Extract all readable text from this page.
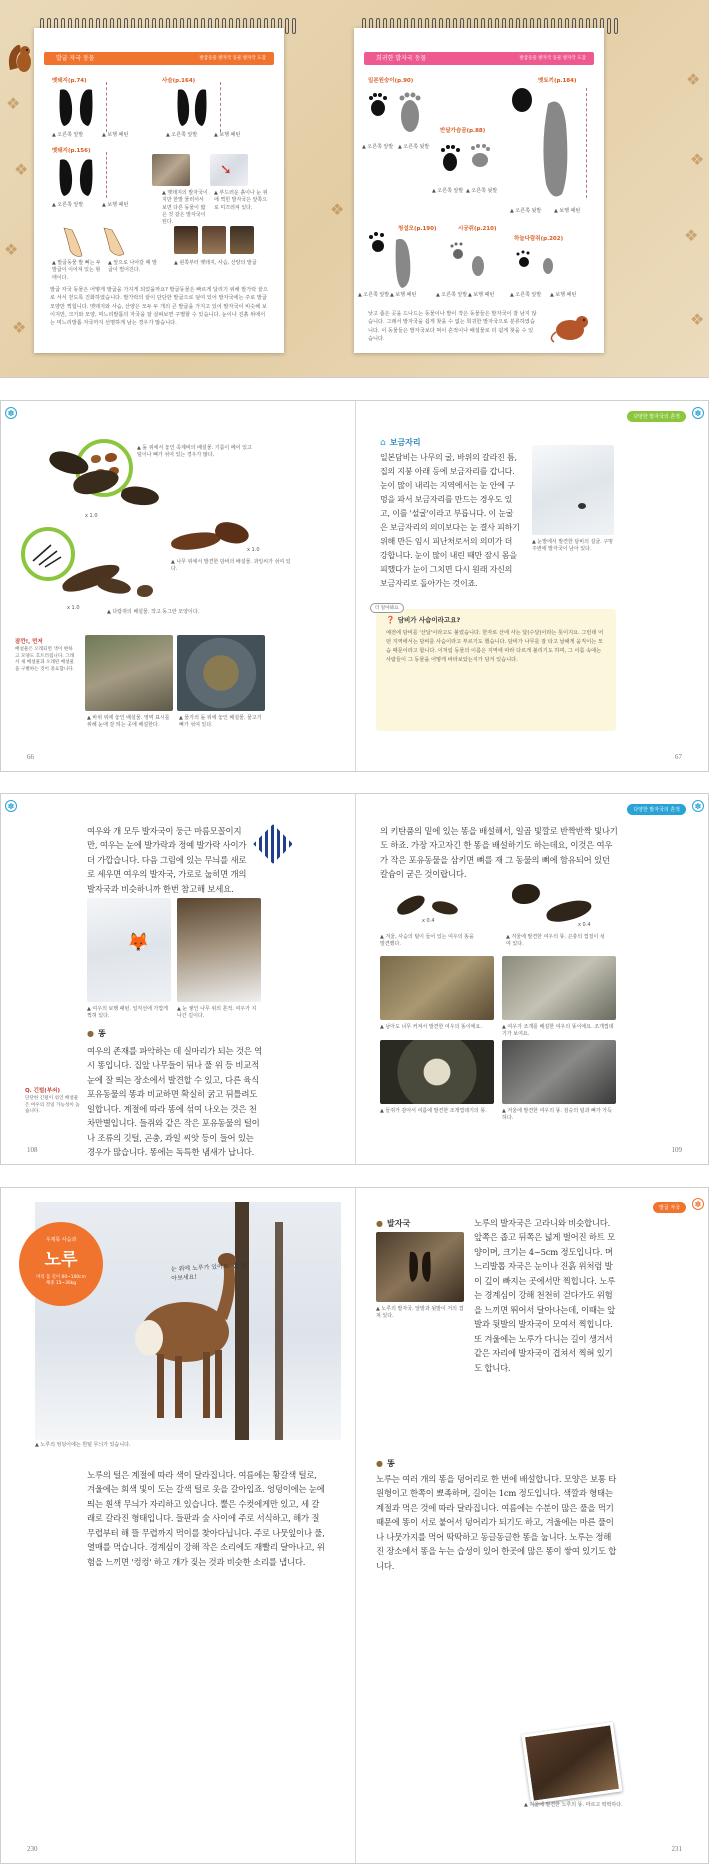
❖
❖
❖
❖
❖
❖
❖
❖
❖
발굽 자국 동물	발굽동물 발자국 동물 발자국 도감
멧돼지(p.74)
▲ 오른쪽 앞발	▲ 보행 패턴
사슴(p.164)
▲ 오른쪽 앞발	▲ 보행 패턴
멧돼지(p.156)
▲ 오른쪽 앞발	▲ 보행 패턴
➘

▲ 멧돼지의 발자국이지만 한발 물러서서 보면 다른 동물이 밟은 것 같은 발자국이 된다.

▲ 부드러운 흙이나 눈 위에 찍힌 발자국은 앞쪽으로 미끄러져 있다.

▲ 발굽동물 발 뼈는 두 발굽이 이어져 있는 형태이다.

▲ 앞으로 나아갈 때 발굽이 벌어진다.

▲ 왼쪽부터 멧돼지, 사슴, 산양의 발굽

발굽 자국 동물은 어떻게 발굽을 가지게 되었을까요? 발굽동물은 빠르게 달리기 위해 발가락 끝으로 서서 걷도록 진화하였습니다. 발가락의 끝이 단단한 발굽으로 덮여 있어 발자국에는 주로 발굽 모양만 찍힙니다. 멧돼지와 사슴, 산양은 모두 두 개의 큰 발굽을 가지고 있어 발자국이 비슷해 보이지만, 크기와 모양, 며느리발톱의 자국을 잘 살펴보면 구별할 수 있습니다. 눈이나 진흙 위에서는 며느리발톱 자국까지 선명하게 남는 경우가 많습니다.

희귀한 발자국 동물	발굽동물 발자국 동물 발자국 도감
일본원숭이(p.90)
▲ 오른쪽 앞발 ▲ 오른쪽 뒷발
반달가슴곰(p.88)
▲ 오른쪽 앞발 ▲ 오른쪽 뒷발
멧토끼(p.184)
▲ 오른쪽 뒷발	▲ 보행 패턴
청설모(p.190)
▲ 오른쪽 앞발 ▲ 보행 패턴
시궁쥐(p.210)
▲ 오른쪽 앞발 ▲ 보행 패턴
하늘다람쥐(p.202)
▲ 오른쪽 앞발 ▲ 보행 패턴

낮고 좁은 곳을 드나드는 동물이나 발이 작은 동물들은 발자국이 잘 남지 않습니다. 그래서 발자국을 쉽게 찾을 수 없는 희귀한 발자국으로 분류하였습니다. 이 동물들은 발자국보다 먹이 흔적이나 배설물로 더 쉽게 찾을 수 있습니다.

✽
x 1.0

▲ 돌 위에서 놓인 족제비의 배설물. 기름이 베어 있고 털이나 뼈가 섞여 있는 경우가 많다.

x 1.0

▲ 나무 위에서 발견한 담비의 배설물. 과일씨가 섞여 있다.

x 1.0

▲ 다람쥐의 배설물. 작고 동그란 모양이다.

잠깐!, 먼저

배설물은 오래되면 색이 변하고 모양도 흐트러집니다. 그래서 새 배설물과 오래된 배설물을 구별하는 것이 중요합니다.

▲ 바위 위에 놓인 배설물. 영역 표시를 위해 눈에 잘 띄는 곳에 배설한다.

▲ 물가의 돌 위에 놓인 배설물. 물고기 뼈가 섞여 있다.

66
다양한 발자국의 흔적	✽
⌂ 보금자리

일본담비는 나무의 굴, 바위의 갈라진 틈, 집의 지붕 아래 등에 보금자리를 갑니다. 눈이 많이 내리는 지역에서는 눈 안에 구멍을 파서 보금자리를 만드는 경우도 있고, 이를 '설굴'이라고 부릅니다. 이 눈굴은 보금자리의 의미보다는 눈 결사 피하기 위해 만든 임시 피난처로서의 의미가 더 강합니다. 눈이 많이 내린 때만 잠시 몸을 피했다가 눈이 그치면 다시 원래 자신의 보금자리로 돌아가는 것이죠.

▲ 눈밭에서 발견한 담비의 설굴. 구멍 주변에 발자국이 남아 있다.

더 알아봐요
❓ 담비가 사슴이라고요?

예전에 담비를 '산달'이라고도 불렀습니다. 한자로 산에 사는 달(수달)이라는 뜻이지요. 그런데 어떤 지역에서는 담비를 사슴이라고 부르기도 했습니다. 담비가 나무를 잘 타고 날쌔게 움직이는 모습 때문이라고 합니다. 이처럼 동물의 이름은 지역에 따라 다르게 불리기도 하며, 그 이름 속에는 사람들이 그 동물을 어떻게 바라보았는지가 담겨 있습니다.

67
✽

여우와 개 모두 발자국이 둥근 마름모꼴이지만, 여우는 눈에 발가락과 정예 발가락 사이가 더 가깝습니다. 다음 그림에 있는 무늬를 새로로 세우면 여우의 발자국, 가로로 눕히면 개의 발자국과 비슷하니까 한번 참고해 보세요.

🦊

▲ 여우의 보행 패턴. 일직선에 가깝게 찍혀 있다.

▲ 눈 쌓인 나무 위의 흔적. 여우가 지나간 길이다.

● 똥

여우의 존재를 파악하는 데 실마리가 되는 것은 역시 똥입니다. 집앞 나무들이 뒤나 풀 위 등 비교적 눈에 잘 띄는 장소에서 발견할 수 있고, 다른 육식 포유동물의 똥과 비교하면 확실히 굵고 뒤틀려도 일합니다. 계절에 따라 똥에 섞여 나오는 것은 천차만별입니다. 들쥐와 같은 작은 포유동물의 털이나 조류의 깃털, 곤충, 과일 씨앗 등이 들어 있는 경우가 많습니다. 똥에는 독특한 냄새가 납니다.

Q. 긴털(부쇠)

단단한 긴털이 섞인 배설물은 여우의 것일 가능성이 높습니다.

108
다양한 발자국의 흔적	✽

의 키탄품의 밑에 있는 똥을 배설해서, 일곱 빛깔로 반짝반짝 빛나기도 하죠. 가장 자고자긴 한 똥을 배설하기도 하는데요, 이것은 여우가 작은 포유동물을 삼키면 뼈를 재 그 동물의 뼈에 함유되어 있던 칼슘이 굳은 것이랍니다.

x 0.4
x 0.4

▲ 겨울, 사슴의 털이 들어 있는 여우의 똥을 발견했다.

▲ 겨울에 발견한 여우의 똥. 곤충의 껍질이 섞여 있다.

▲ 남아도 너무 커져서 발견한 여우의 똥이에요.	▲ 여우가 조개를 배설한 여우의 똥이에요. 조개껍데기가 보여요.

▲ 들쥐가 감아서 여름에 발견한 조개껍데기의 똥.	▲ 겨울에 발견한 여우의 똥. 짐승의 털과 뼈가 가득하다.

109

우제목 사슴과

노루

머리 몸 길이 80~100cm

체중 15~30kg

눈 위에 노루가 있어요. 잘 찾아보세요!

▲ 노루의 엉덩이에는 흰털 무늬가 있습니다.

노루의 털은 계절에 따라 색이 달라집니다. 여름에는 황갈색 털로, 겨울에는 회색 빛이 도는 갈색 털로 옷을 갈아입죠. 엉덩이에는 눈에 띄는 흰색 무늬가 자리하고 있습니다. 뿔은 수컷에게만 있고, 세 갈래로 갈라진 형태입니다. 들판과 숲 사이에 주로 서식하고, 해가 질 무렵부터 해 뜰 무렵까지 먹이를 찾아다닙니다. 주로 나뭇잎이나 풀, 열매를 먹습니다. 경계심이 강해 작은 소리에도 재빨리 달아나고, 위험을 느끼면 '컹컹' 하고 개가 짖는 것과 비슷한 소리를 냅니다.

230
발굽 자국	✽
● 발자국

▲ 노루의 발자국. 앞발과 뒷발이 거의 겹쳐 있다.

노루의 발자국은 고라니와 비슷합니다. 앞쪽은 좁고 뒤쪽은 넓게 벌어진 하트 모양이며, 크기는 4~5cm 정도입니다. 며느리발톱 자국은 눈이나 진흙 위처럼 발이 깊이 빠지는 곳에서만 찍힙니다. 노루는 경계심이 강해 천천히 걷다가도 위험을 느끼면 뛰어서 달아나는데, 이때는 앞발과 뒷발의 발자국이 모여서 찍힙니다. 또 겨울에는 노루가 다니는 길이 생겨서 같은 자리에 발자국이 겹쳐서 찍혀 있기도 합니다.

● 똥

노루는 여러 개의 똥을 덩어리로 한 번에 배설합니다. 모양은 보통 타원형이고 한쪽이 뾰족하며, 길이는 1cm 정도입니다. 색깔과 형태는 계절과 먹은 것에 따라 달라집니다. 여름에는 수분이 많은 풀을 먹기 때문에 똥이 서로 붙어서 덩어리가 되기도 하고, 겨울에는 마른 풀이나 나뭇가지를 먹어 딱딱하고 동글동글한 똥을 눕니다. 노루는 정해진 장소에서 똥을 누는 습성이 있어 한곳에 많은 똥이 쌓여 있기도 합니다.

▲ 겨울에 발견한 노루의 똥. 마르고 딱딱하다.

231
